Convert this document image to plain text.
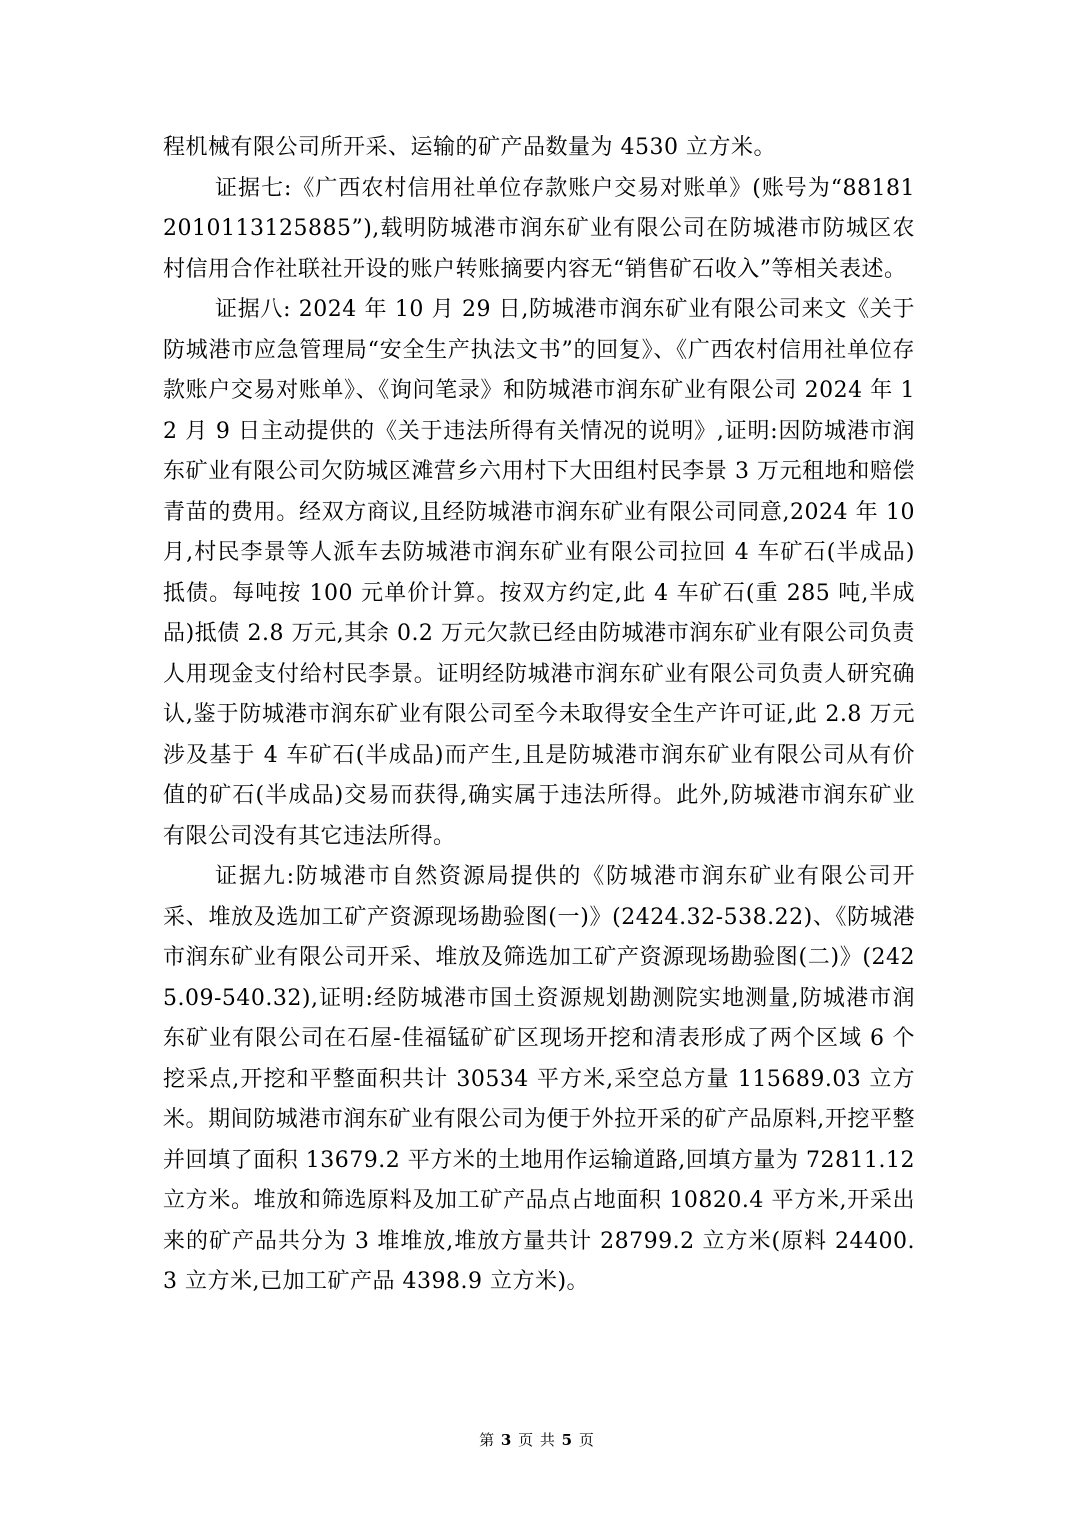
程机械有限公司所开采、运输的矿产品数量为 4530 立方米。

证据七:《广西农村信用社单位存款账户交易对账单》(账号为“881812010113125885”),载明防城港市润东矿业有限公司在防城港市防城区农村信用合作社联社开设的账户转账摘要内容无“销售矿石收入”等相关表述。

证据八: 2024 年 10 月 29 日,防城港市润东矿业有限公司来文《关于防城港市应急管理局“安全生产执法文书”的回复》、《广西农村信用社单位存款账户交易对账单》、《询问笔录》和防城港市润东矿业有限公司 2024 年 12 月 9 日主动提供的《关于违法所得有关情况的说明》,证明:因防城港市润东矿业有限公司欠防城区滩营乡六用村下大田组村民李景 3 万元租地和赔偿青苗的费用。经双方商议,且经防城港市润东矿业有限公司同意,2024 年 10 月,村民李景等人派车去防城港市润东矿业有限公司拉回 4 车矿石(半成品)抵债。每吨按 100 元单价计算。按双方约定,此 4 车矿石(重 285 吨,半成品)抵债 2.8 万元,其余 0.2 万元欠款已经由防城港市润东矿业有限公司负责人用现金支付给村民李景。证明经防城港市润东矿业有限公司负责人研究确认,鉴于防城港市润东矿业有限公司至今未取得安全生产许可证,此 2.8 万元涉及基于 4 车矿石(半成品)而产生,且是防城港市润东矿业有限公司从有价值的矿石(半成品)交易而获得,确实属于违法所得。此外,防城港市润东矿业有限公司没有其它违法所得。

证据九:防城港市自然资源局提供的《防城港市润东矿业有限公司开采、堆放及选加工矿产资源现场勘验图(一)》(2424.32-538.22)、《防城港市润东矿业有限公司开采、堆放及筛选加工矿产资源现场勘验图(二)》(2425.09-540.32),证明:经防城港市国土资源规划勘测院实地测量,防城港市润东矿业有限公司在石屋-佳福锰矿矿区现场开挖和清表形成了两个区域 6 个挖采点,开挖和平整面积共计 30534 平方米,采空总方量 115689.03 立方米。期间防城港市润东矿业有限公司为便于外拉开采的矿产品原料,开挖平整并回填了面积 13679.2 平方米的土地用作运输道路,回填方量为 72811.12 立方米。堆放和筛选原料及加工矿产品点占地面积 10820.4 平方米,开采出来的矿产品共分为 3 堆堆放,堆放方量共计 28799.2 立方米(原料 24400.3 立方米,已加工矿产品 4398.9 立方米)。

第 3 页 共 5 页
